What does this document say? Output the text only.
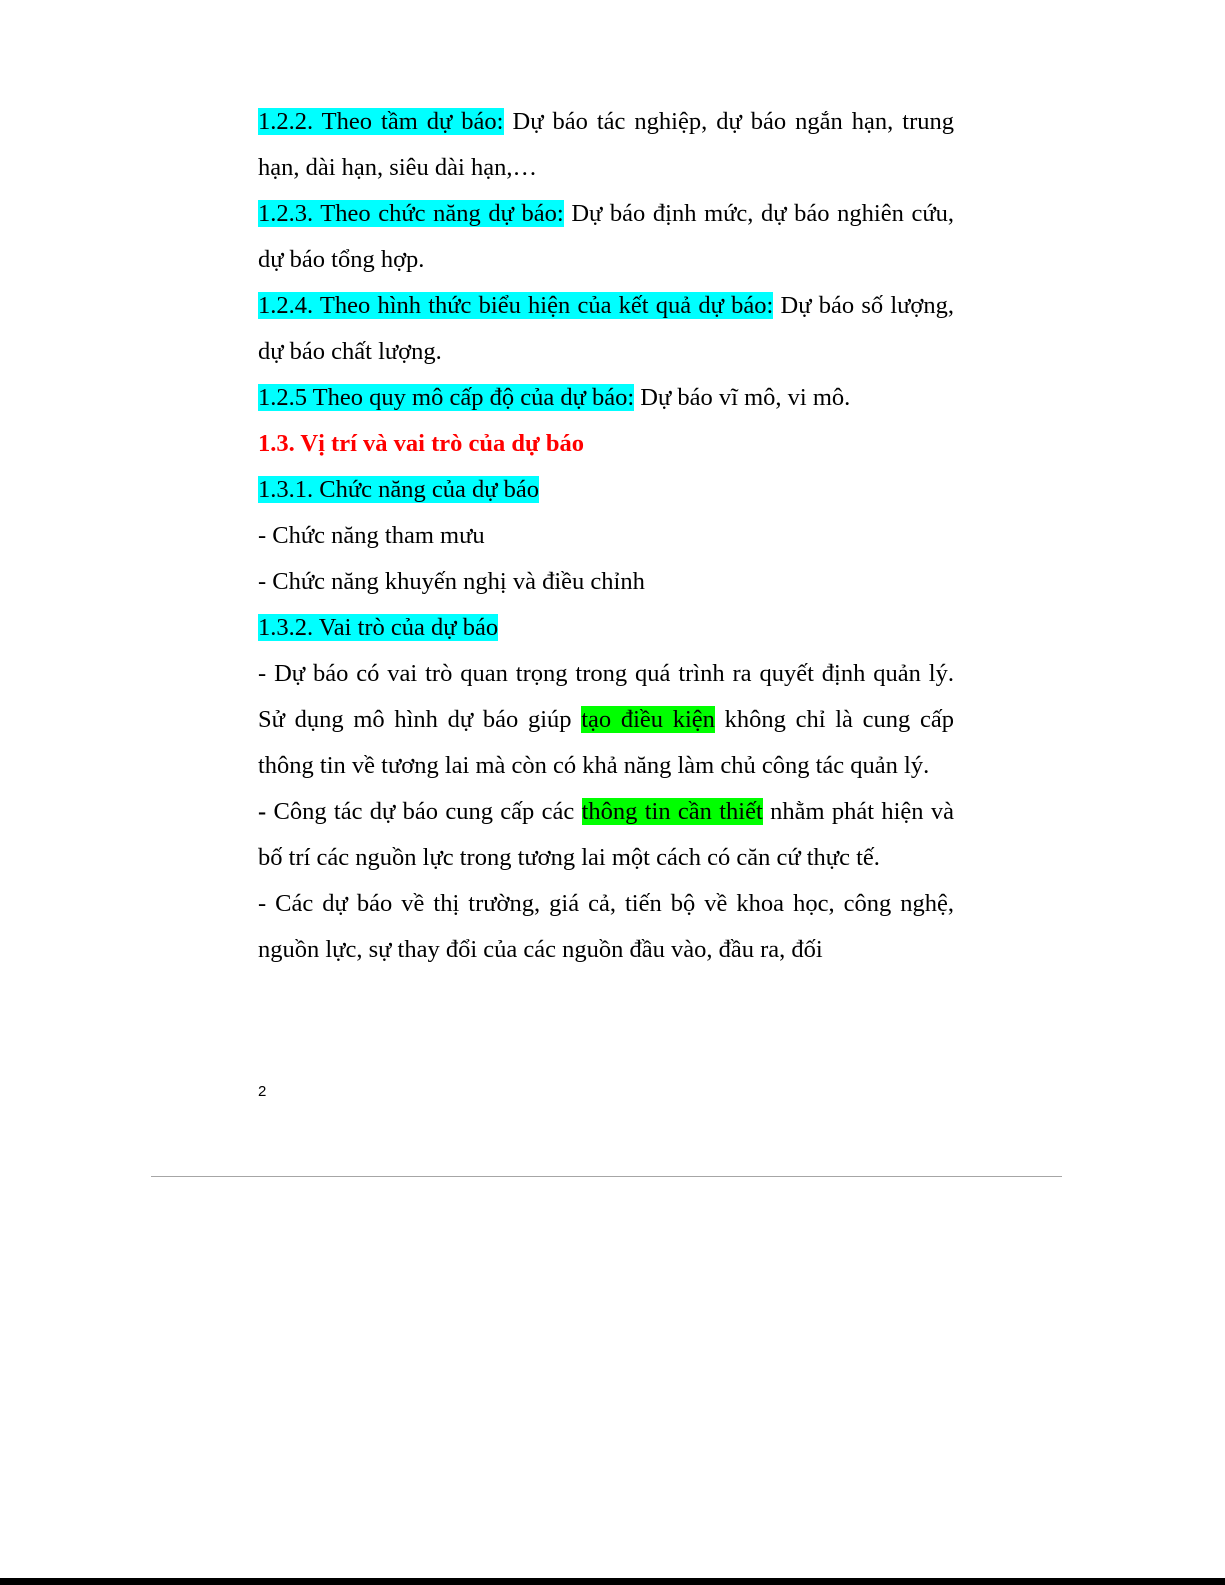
1.2.2. Theo tầm dự báo: Dự báo tác nghiệp, dự báo ngắn hạn, trung hạn, dài hạn, siêu dài hạn,…

1.2.3. Theo chức năng dự báo: Dự báo định mức, dự báo nghiên cứu, dự báo tổng hợp.

1.2.4. Theo hình thức biểu hiện của kết quả dự báo: Dự báo số lượng, dự báo chất lượng.

1.2.5 Theo quy mô cấp độ của dự báo: Dự báo vĩ mô, vi mô.

1.3. Vị trí và vai trò của dự báo

1.3.1. Chức năng của dự báo

- Chức năng tham mưu

- Chức năng khuyến nghị và điều chỉnh

1.3.2. Vai trò của dự báo

- Dự báo có vai trò quan trọng trong quá trình ra quyết định quản lý. Sử dụng mô hình dự báo giúp tạo điều kiện không chỉ là cung cấp thông tin về tương lai mà còn có khả năng làm chủ công tác quản lý.

- Công tác dự báo cung cấp các thông tin cần thiết nhằm phát hiện và bố trí các nguồn lực trong tương lai một cách có căn cứ thực tế.

- Các dự báo về thị trường, giá cả, tiến bộ về khoa học, công nghệ, nguồn lực, sự thay đổi của các nguồn đầu vào, đầu ra, đối

2
